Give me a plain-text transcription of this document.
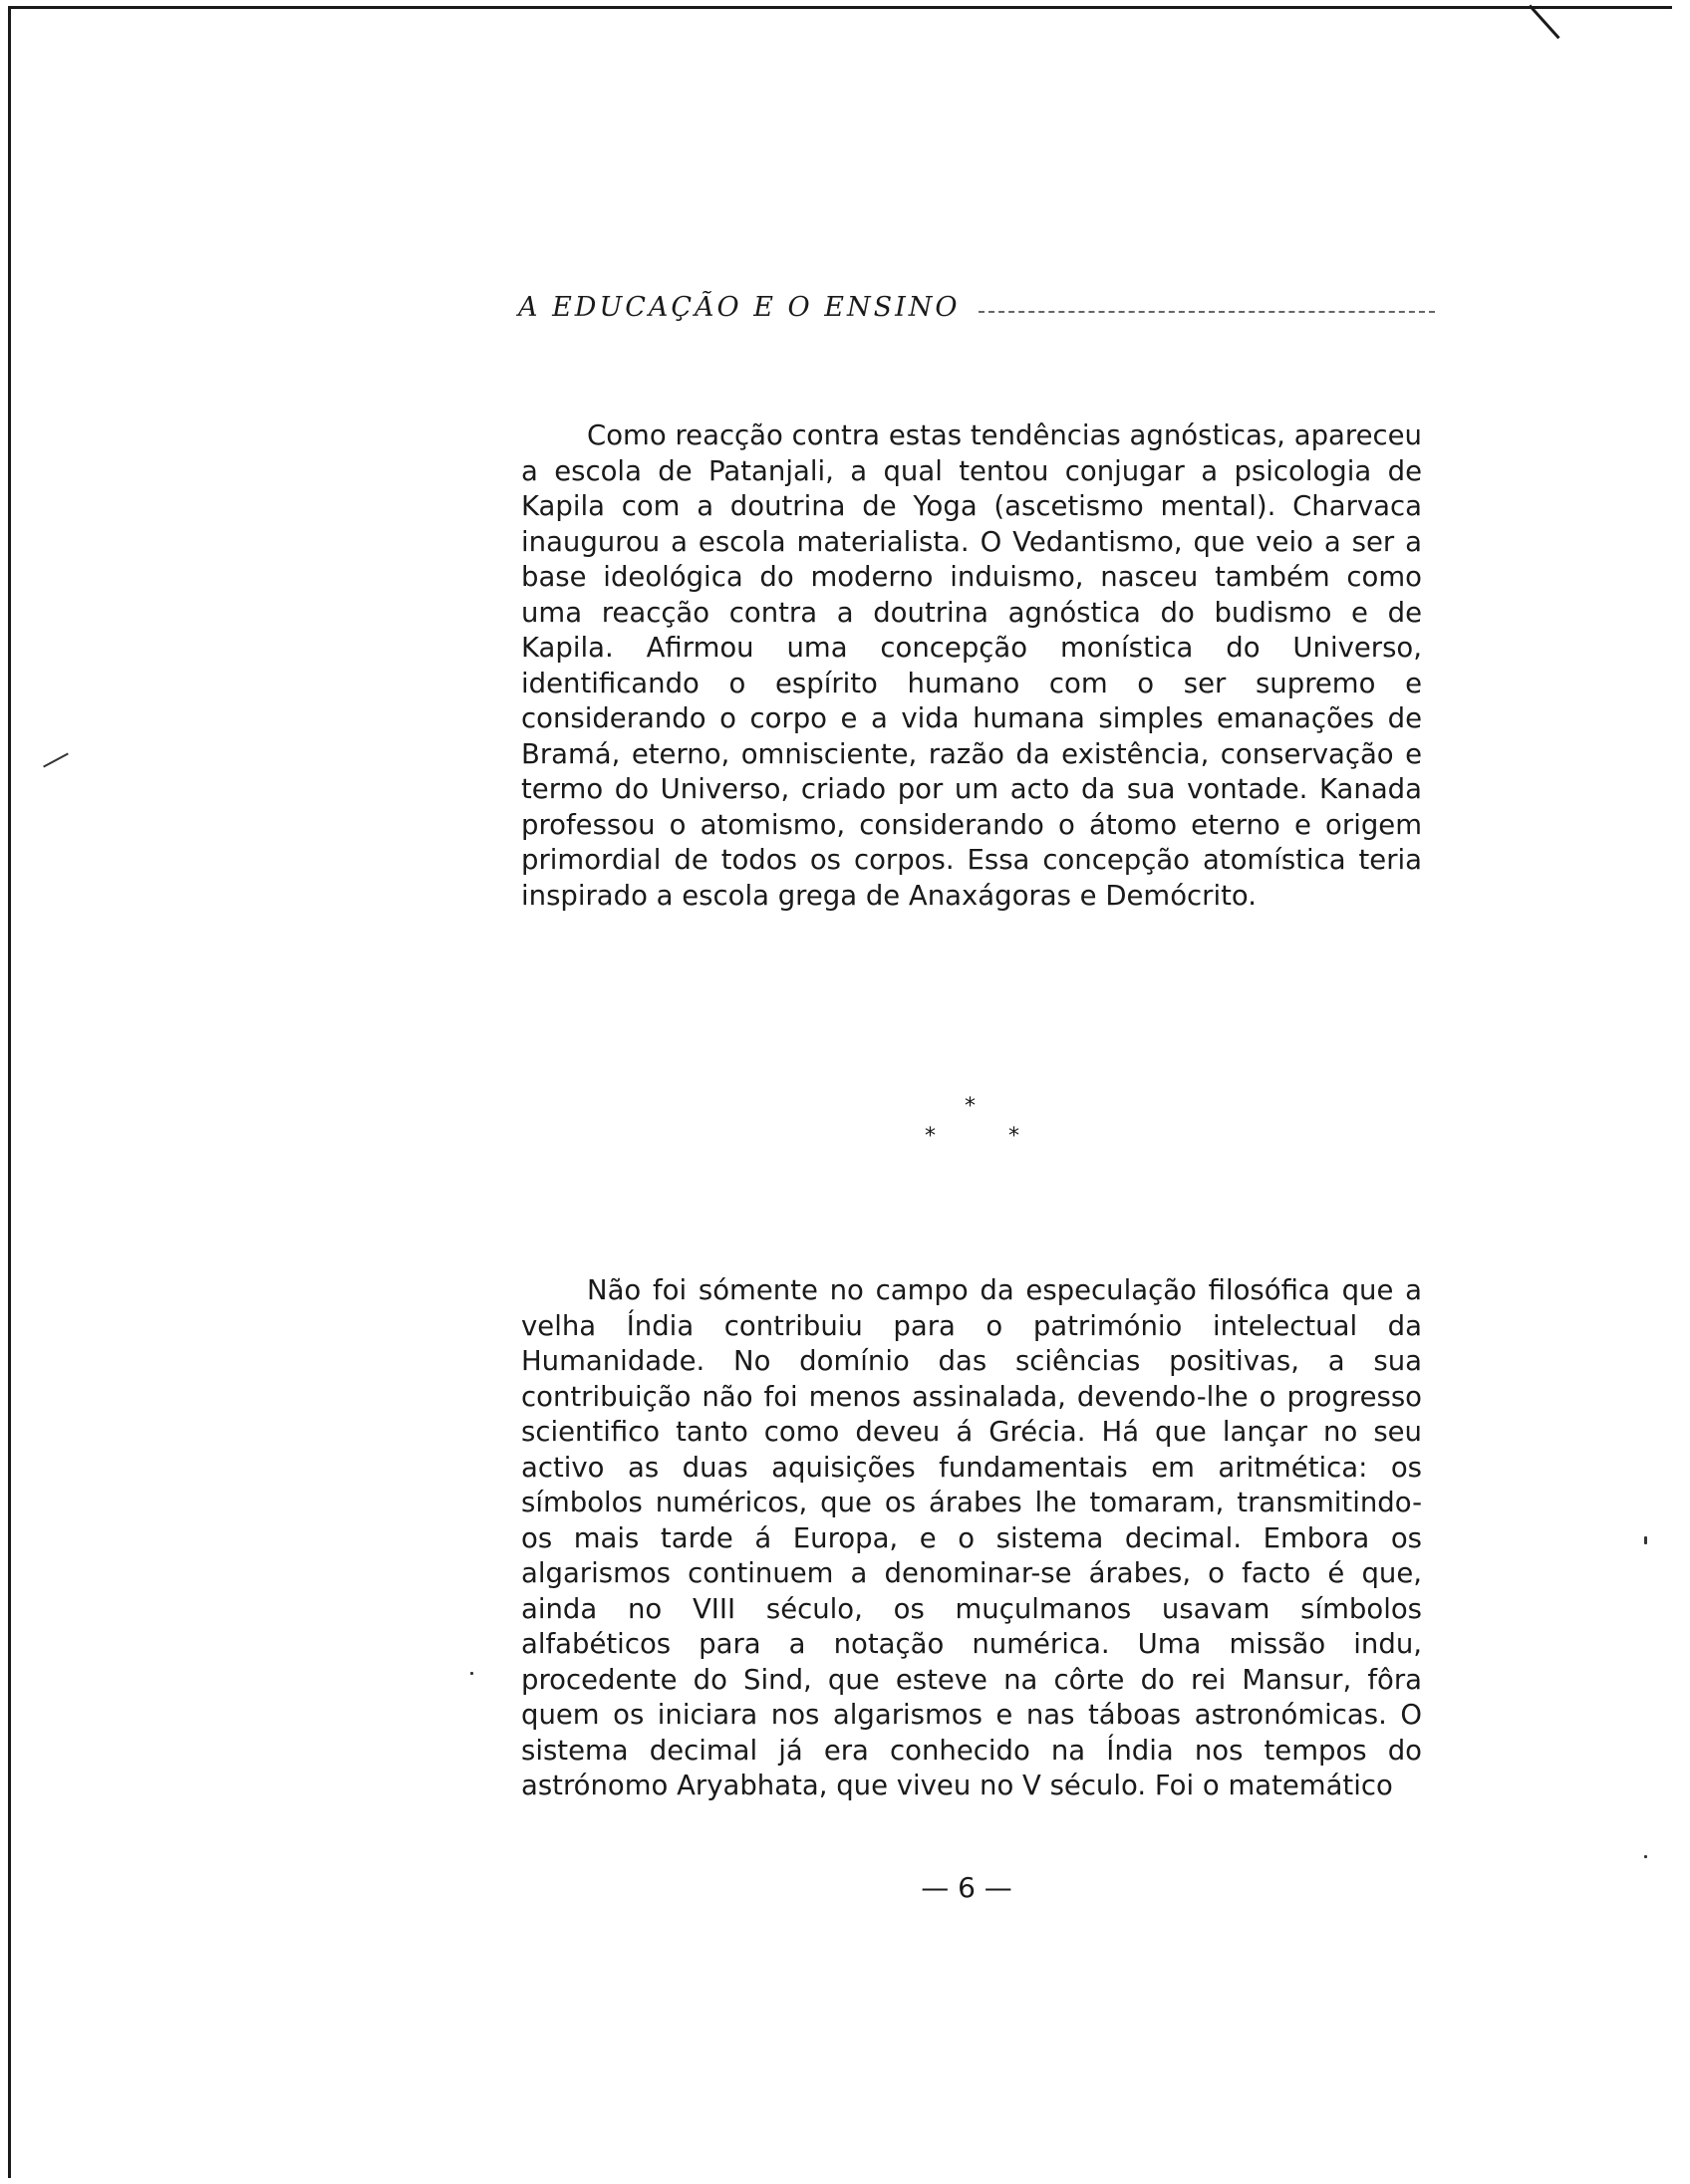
A EDUCAÇÃO E O ENSINO
Como reacção contra estas tendências agnósticas, apareceu a escola de Patanjali, a qual tentou conjugar a psicologia de Kapila com a doutrina de Yoga (ascetismo mental). Charvaca inaugurou a escola materialista. O Vedantismo, que veio a ser a base ideológica do moderno induismo, nasceu também como uma reacção contra a doutrina agnóstica do budismo e de Kapila. Afirmou uma concepção monística do Universo, identificando o espírito humano com o ser supremo e considerando o corpo e a vida humana simples emanações de Bramá, eterno, omnisciente, razão da existência, conservação e termo do Universo, criado por um acto da sua vontade. Kanada professou o atomismo, considerando o átomo eterno e origem primordial de todos os corpos. Essa concepção atomística teria inspirado a escola grega de Anaxágoras e Demócrito.
*
*	*
Não foi sómente no campo da especulação filosófica que a velha Índia contribuiu para o património intelectual da Humanidade. No domínio das sciências positivas, a sua contribuição não foi menos assinalada, devendo-lhe o progresso scientifico tanto como deveu á Grécia. Há que lançar no seu activo as duas aquisições fundamentais em aritmética: os símbolos numéricos, que os árabes lhe tomaram, transmitindo-os mais tarde á Europa, e o sistema decimal. Embora os algarismos continuem a denominar-se árabes, o facto é que, ainda no VIII século, os muçulmanos usavam símbolos alfabéticos para a notação numérica. Uma missão indu, procedente do Sind, que esteve na côrte do rei Mansur, fôra quem os iniciara nos algarismos e nas táboas astronómicas. O sistema decimal já era conhecido na Índia nos tempos do astrónomo Aryabhata, que viveu no V século. Foi o matemático
— 6 —
